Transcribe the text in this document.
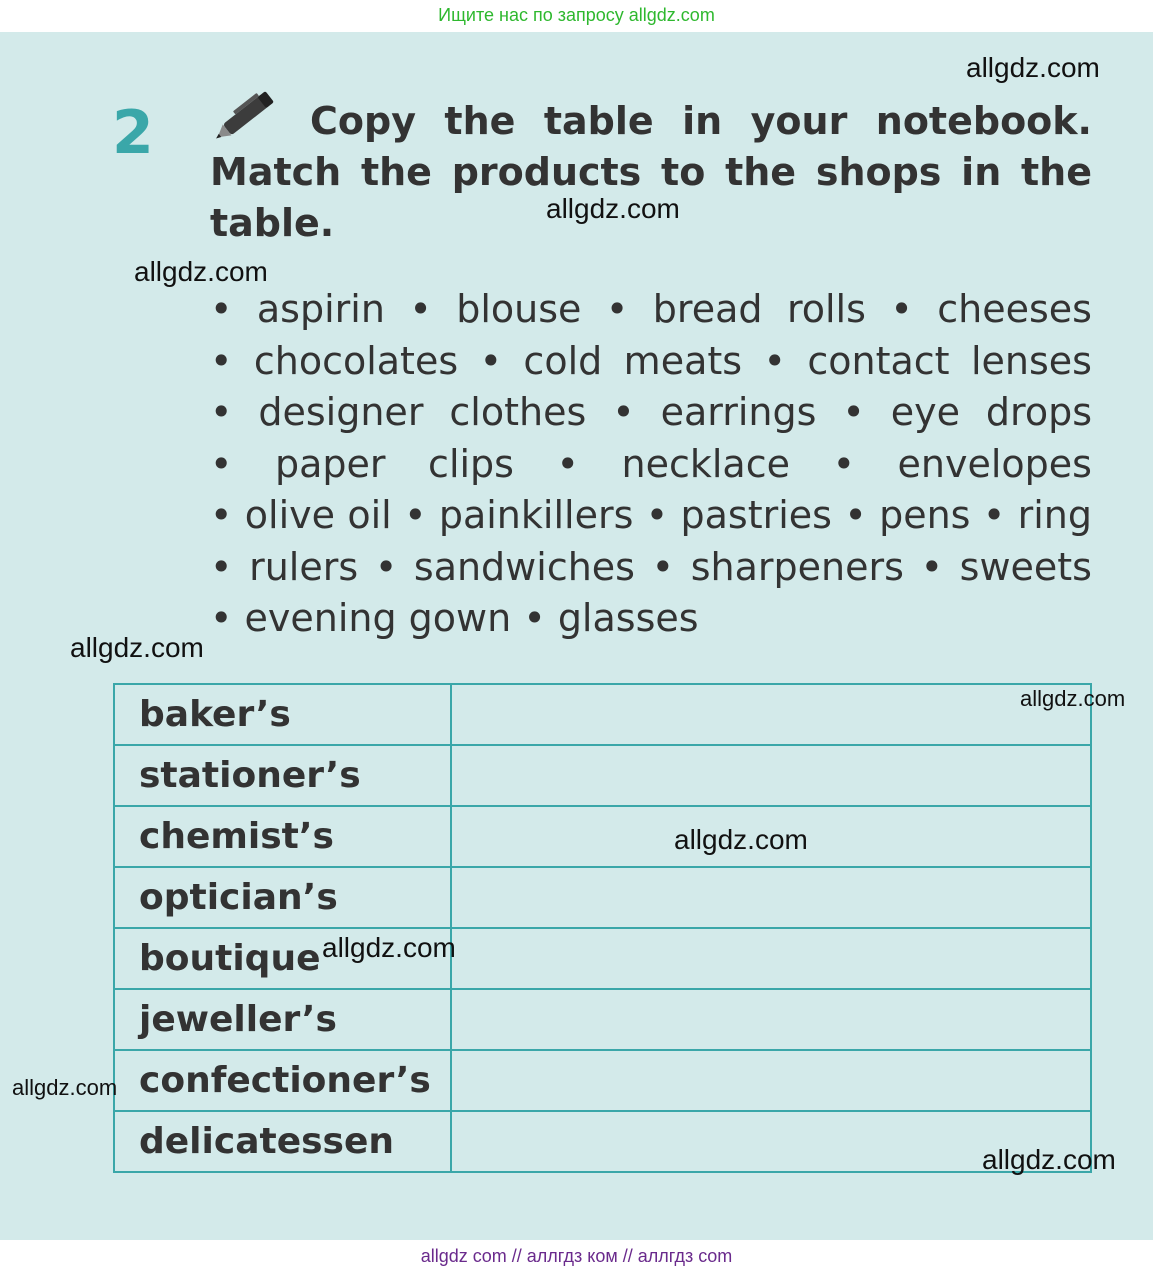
Ищите нас по запросу allgdz.com
2	Copy the table in your notebook. Match the products to the shops in the table.

• aspirin • blouse • bread rolls • cheeses • chocolates • cold meats • contact lenses • designer clothes • earrings • eye drops • paper clips • necklace • envelopes • olive oil • painkillers • pastries • pens • ring • rulers • sandwiches • sharpeners • sweets • evening gown • glasses

baker’s	
stationer’s	
chemist’s	
optician’s	
boutique	
jeweller’s	
confectioner’s	
delicatessen	
allgdz.com
allgdz.com
allgdz.com
allgdz.com
allgdz.com
allgdz.com
allgdz.com
allgdz.com
allgdz.com
allgdz com // аллгдз ком // аллгдз com
